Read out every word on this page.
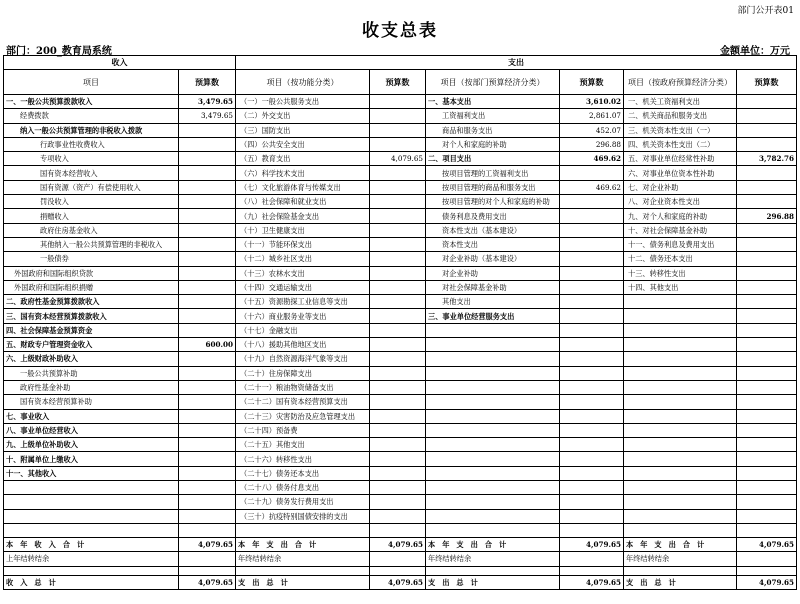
部门公开表01
收支总表
部门：200_教育局系统	金额单位：万元
收入		支出					
项目	预算数	项目（按功能分类）	预算数	项目（按部门预算经济分类）	预算数	项目（按政府预算经济分类）	预算数
一、一般公共预算拨款收入	3,479.65	（一）一般公共服务支出		一、基本支出	3,610.02	一、机关工资福利支出	
经费拨款	3,479.65	（二）外交支出		工资福利支出	2,861.07	二、机关商品和服务支出	
纳入一般公共预算管理的非税收入拨款		（三）国防支出		商品和服务支出	452.07	三、机关资本性支出（一）	
行政事业性收费收入		（四）公共安全支出		对个人和家庭的补助	296.88	四、机关资本性支出（二）	
专项收入		（五）教育支出	4,079.65	二、项目支出	469.62	五、对事业单位经常性补助	3,782.76
国有资本经营收入		（六）科学技术支出		按项目管理的工资福利支出		六、对事业单位资本性补助	
国有资源（资产）有偿使用收入		（七）文化旅游体育与传媒支出		按项目管理的商品和服务支出	469.62	七、对企业补助	
罚没收入		（八）社会保障和就业支出		按项目管理的对个人和家庭的补助		八、对企业资本性支出	
捐赠收入		（九）社会保险基金支出		债务利息及费用支出		九、对个人和家庭的补助	296.88
政府住房基金收入		（十）卫生健康支出		资本性支出（基本建设）		十、对社会保障基金补助	
其他纳入一般公共预算管理的非税收入		（十一）节能环保支出		资本性支出		十一、债务利息及费用支出	
一般债券		（十二）城乡社区支出		对企业补助（基本建设）		十二、债务还本支出	
外国政府和国际组织贷款		（十三）农林水支出		对企业补助		十三、转移性支出	
外国政府和国际组织捐赠		（十四）交通运输支出		对社会保障基金补助		十四、其他支出	
二、政府性基金预算拨款收入		（十五）资源勘探工业信息等支出		其他支出			
三、国有资本经营预算拨款收入		（十六）商业服务业等支出		三、事业单位经营服务支出			
四、社会保障基金预算资金		（十七）金融支出					
五、财政专户管理资金收入	600.00	（十八）援助其他地区支出					
六、上级财政补助收入		（十九）自然资源海洋气象等支出					
一般公共预算补助		（二十）住房保障支出					
政府性基金补助		（二十一）粮油物资储备支出					
国有资本经营预算补助		（二十二）国有资本经营预算支出					
七、事业收入		（二十三）灾害防治及应急管理支出					
八、事业单位经营收入		（二十四）预备费					
九、上级单位补助收入		（二十五）其他支出					
十、附属单位上缴收入		（二十六）转移性支出					
十一、其他收入		（二十七）债务还本支出					
		（二十八）债务付息支出					
		（二十九）债务发行费用支出					
		（三十）抗疫特别国债安排的支出					

本年收入合计	4,079.65	本年支出合计	4,079.65	本年支出合计	4,079.65	本年支出合计	4,079.65
上年结转结余		年终结转结余		年终结转结余		年终结转结余	

收入总计	4,079.65	支出总计	4,079.65	支出总计	4,079.65	支出总计	4,079.65
